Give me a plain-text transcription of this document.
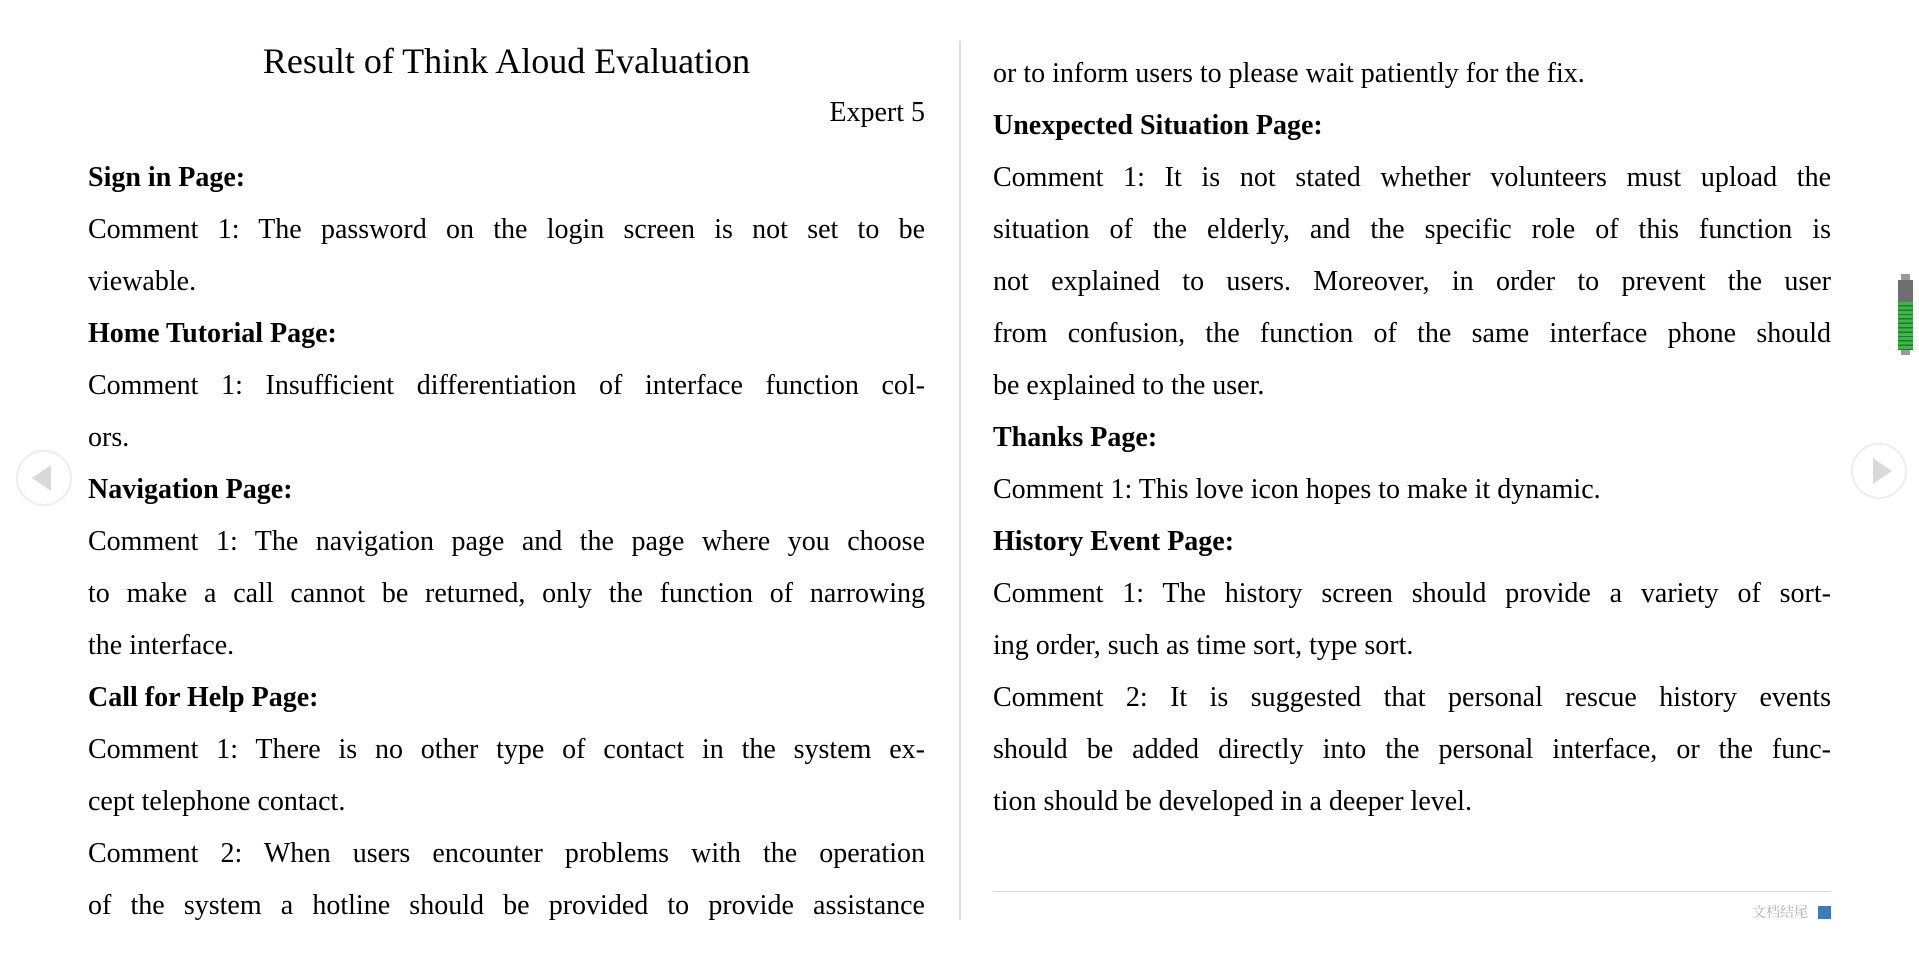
Result of Think Aloud Evaluation
Expert 5
Sign in Page:
Comment 1: The password on the login screen is not set to be
viewable.
Home Tutorial Page:
Comment 1: Insufficient differentiation of interface function col-
ors.
Navigation Page:
Comment 1: The navigation page and the page where you choose
to make a call cannot be returned, only the function of narrowing
the interface.
Call for Help Page:
Comment 1: There is no other type of contact in the system ex-
cept telephone contact.
Comment 2: When users encounter problems with the operation
of the system a hotline should be provided to provide assistance
or to inform users to please wait patiently for the fix.
Unexpected Situation Page:
Comment 1: It is not stated whether volunteers must upload the
situation of the elderly, and the specific role of this function is
not explained to users. Moreover, in order to prevent the user
from confusion, the function of the same interface phone should
be explained to the user.
Thanks Page:
Comment 1: This love icon hopes to make it dynamic.
History Event Page:
Comment 1: The history screen should provide a variety of sort-
ing order, such as time sort, type sort.
Comment 2: It is suggested that personal rescue history events
should be added directly into the personal interface, or the func-
tion should be developed in a deeper level.
文档结尾
